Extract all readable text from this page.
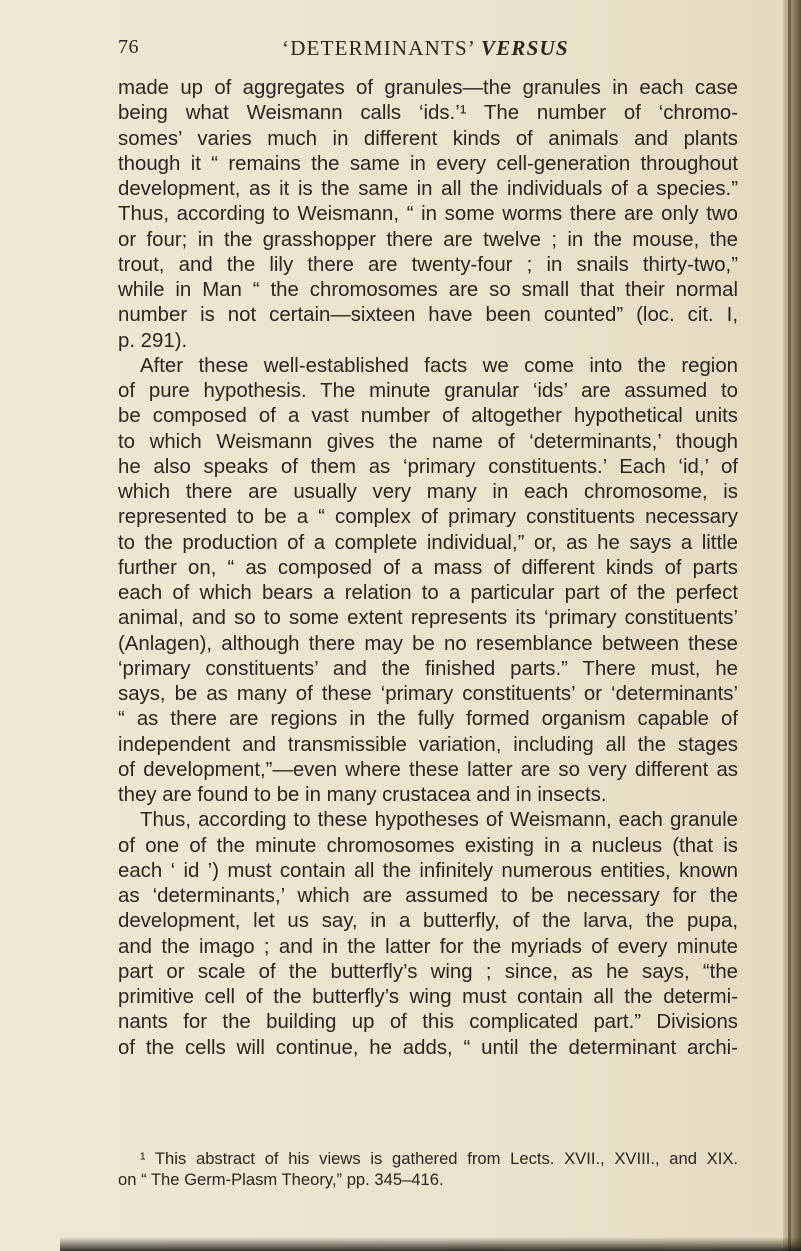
76	‘DETERMINANTS’ VERSUS
made up of aggregates of granules—the granules in each case
being what Weismann calls ‘ids.’¹ The number of ‘chromo-
somes’ varies much in different kinds of animals and plants
though it “ remains the same in every cell-generation throughout
development, as it is the same in all the individuals of a species.”
Thus, according to Weismann, “ in some worms there are only two
or four; in the grasshopper there are twelve ; in the mouse, the
trout, and the lily there are twenty-four ; in snails thirty-two,”
while in Man “ the chromosomes are so small that their normal
number is not certain—sixteen have been counted” (loc. cit. I,
p. 291).
After these well-established facts we come into the region
of pure hypothesis. The minute granular ‘ids’ are assumed to
be composed of a vast number of altogether hypothetical units
to which Weismann gives the name of ‘determinants,’ though
he also speaks of them as ‘primary constituents.’ Each ‘id,’ of
which there are usually very many in each chromosome, is
represented to be a “ complex of primary constituents necessary
to the production of a complete individual,” or, as he says a little
further on, “ as composed of a mass of different kinds of parts
each of which bears a relation to a particular part of the perfect
animal, and so to some extent represents its ‘primary constituents’
(Anlagen), although there may be no resemblance between these
‘primary constituents’ and the finished parts.” There must, he
says, be as many of these ‘primary constituents’ or ‘determinants’
“ as there are regions in the fully formed organism capable of
independent and transmissible variation, including all the stages
of development,”—even where these latter are so very different as
they are found to be in many crustacea and in insects.
Thus, according to these hypotheses of Weismann, each granule
of one of the minute chromosomes existing in a nucleus (that is
each ‘ id ’) must contain all the infinitely numerous entities, known
as ‘determinants,’ which are assumed to be necessary for the
development, let us say, in a butterfly, of the larva, the pupa,
and the imago ; and in the latter for the myriads of every minute
part or scale of the butterfly’s wing ; since, as he says, “the
primitive cell of the butterfly’s wing must contain all the determi-
nants for the building up of this complicated part.” Divisions
of the cells will continue, he adds, “ until the determinant archi-
¹ This abstract of his views is gathered from Lects. XVII., XVIII., and XIX.
on “ The Germ-Plasm Theory,” pp. 345–416.
